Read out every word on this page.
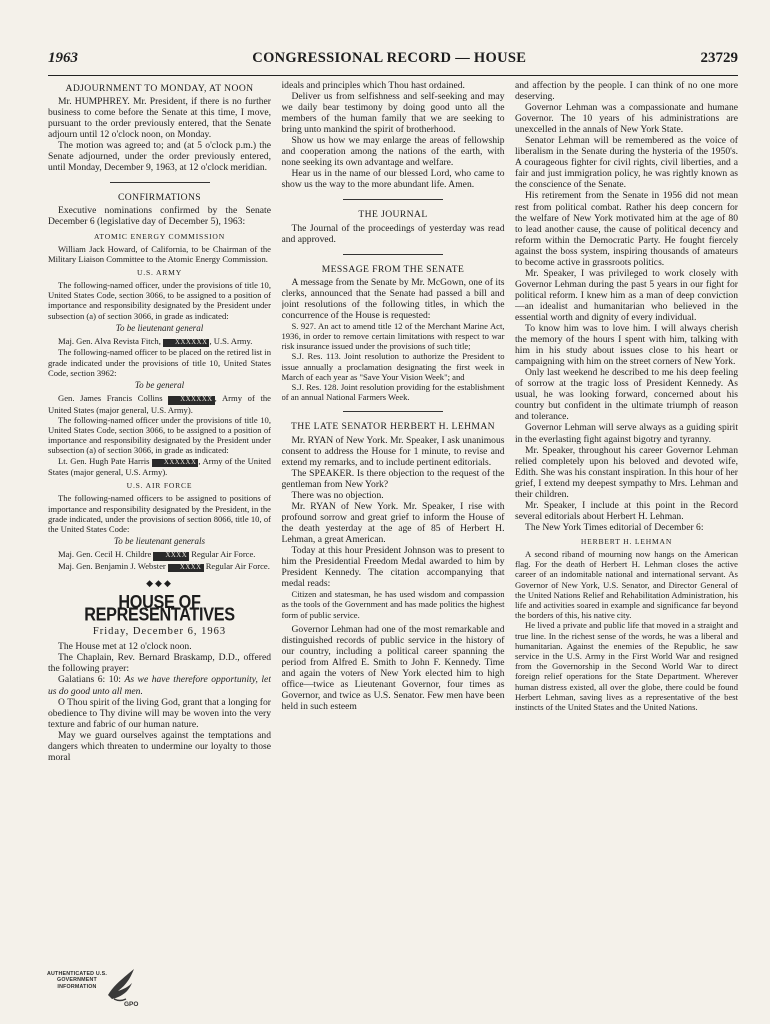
1963	CONGRESSIONAL RECORD — HOUSE	23729
ADJOURNMENT TO MONDAY, AT NOON

Mr. HUMPHREY. Mr. President, if there is no further business to come before the Senate at this time, I move, pursuant to the order previously entered, that the Senate adjourn until 12 o'clock noon, on Monday.

The motion was agreed to; and (at 5 o'clock p.m.) the Senate adjourned, under the order previously entered, until Monday, December 9, 1963, at 12 o'clock meridian.

CONFIRMATIONS

Executive nominations confirmed by the Senate December 6 (legislative day of December 5), 1963:

ATOMIC ENERGY COMMISSION

William Jack Howard, of California, to be Chairman of the Military Liaison Committee to the Atomic Energy Commission.

U.S. ARMY

The following-named officer, under the provisions of title 10, United States Code, section 3066, to be assigned to a position of importance and responsibility designated by the President under subsection (a) of section 3066, in grade as indicated:

To be lieutenant general

Maj. Gen. Alva Revista Fitch, XXXXXX , U.S. Army.

The following-named officer to be placed on the retired list in grade indicated under the provisions of title 10, United States Code, section 3962:

To be general

Gen. James Francis Collins XXXXXX , Army of the United States (major general, U.S. Army).

The following-named officer under the provisions of title 10, United States Code, section 3066, to be assigned to a position of importance and responsibility designated by the President under subsection (a) of section 3066, in grade as indicated:

Lt. Gen. Hugh Pate Harris XXXXXX , Army of the United States (major general, U.S. Army).

U.S. AIR FORCE

The following-named officers to be assigned to positions of importance and responsibility designated by the President, in the grade indicated, under the provisions of section 8066, title 10, of the United States Code:

To be lieutenant generals

Maj. Gen. Cecil H. Childre XXXX Regular Air Force.

Maj. Gen. Benjamin J. Webster XXXX Regular Air Force.

◆◆◆
HOUSE OF REPRESENTATIVES
Friday, December 6, 1963

The House met at 12 o'clock noon.

The Chaplain, Rev. Bernard Braskamp, D.D., offered the following prayer:

Galatians 6: 10: As we have therefore opportunity, let us do good unto all men.

O Thou spirit of the living God, grant that a longing for obedience to Thy divine will may be woven into the very texture and fabric of our human nature.

May we guard ourselves against the temptations and dangers which threaten to undermine our loyalty to those moral

ideals and principles which Thou hast ordained.

Deliver us from selfishness and self-seeking and may we daily bear testimony by doing good unto all the members of the human family that we are seeking to bring unto mankind the spirit of brotherhood.

Show us how we may enlarge the areas of fellowship and cooperation among the nations of the earth, with none seeking its own advantage and welfare.

Hear us in the name of our blessed Lord, who came to show us the way to the more abundant life. Amen.

THE JOURNAL

The Journal of the proceedings of yesterday was read and approved.

MESSAGE FROM THE SENATE

A message from the Senate by Mr. McGown, one of its clerks, announced that the Senate had passed a bill and joint resolutions of the following titles, in which the concurrence of the House is requested:

S. 927. An act to amend title 12 of the Merchant Marine Act, 1936, in order to remove certain limitations with respect to war risk insurance issued under the provisions of such title;

S.J. Res. 113. Joint resolution to authorize the President to issue annually a proclamation designating the first week in March of each year as "Save Your Vision Week"; and

S.J. Res. 128. Joint resolution providing for the establishment of an annual National Farmers Week.

THE LATE SENATOR HERBERT H. LEHMAN

Mr. RYAN of New York. Mr. Speaker, I ask unanimous consent to address the House for 1 minute, to revise and extend my remarks, and to include pertinent editorials.

The SPEAKER. Is there objection to the request of the gentleman from New York?

There was no objection.

Mr. RYAN of New York. Mr. Speaker, I rise with profound sorrow and great grief to inform the House of the death yesterday at the age of 85 of Herbert H. Lehman, a great American.

Today at this hour President Johnson was to present to him the Presidential Freedom Medal awarded to him by President Kennedy. The citation accompanying that medal reads:

Citizen and statesman, he has used wisdom and compassion as the tools of the Government and has made politics the highest form of public service.

Governor Lehman had one of the most remarkable and distinguished records of public service in the history of our country, including a political career spanning the period from Alfred E. Smith to John F. Kennedy. Time and again the voters of New York elected him to high office—twice as Lieutenant Governor, four times as Governor, and twice as U.S. Senator. Few men have been held in such esteem

and affection by the people. I can think of no one more deserving.

Governor Lehman was a compassionate and humane Governor. The 10 years of his administrations are unexcelled in the annals of New York State.

Senator Lehman will be remembered as the voice of liberalism in the Senate during the hysteria of the 1950's. A courageous fighter for civil rights, civil liberties, and a fair and just immigration policy, he was rightly known as the conscience of the Senate.

His retirement from the Senate in 1956 did not mean rest from political combat. Rather his deep concern for the welfare of New York motivated him at the age of 80 to lead another cause, the cause of political decency and reform within the Democratic Party. He fought fiercely against the boss system, inspiring thousands of amateurs to become active in grassroots politics.

Mr. Speaker, I was privileged to work closely with Governor Lehman during the past 5 years in our fight for political reform. I knew him as a man of deep conviction—an idealist and humanitarian who believed in the essential worth and dignity of every individual.

To know him was to love him. I will always cherish the memory of the hours I spent with him, talking with him in his study about issues close to his heart or campaigning with him on the street corners of New York.

Only last weekend he described to me his deep feeling of sorrow at the tragic loss of President Kennedy. As usual, he was looking forward, concerned about his country but confident in the ultimate triumph of reason and tolerance.

Governor Lehman will serve always as a guiding spirit in the everlasting fight against bigotry and tyranny.

Mr. Speaker, throughout his career Governor Lehman relied completely upon his beloved and devoted wife, Edith. She was his constant inspiration. In this hour of her grief, I extend my deepest sympathy to Mrs. Lehman and their children.

Mr. Speaker, I include at this point in the Record several editorials about Herbert H. Lehman.

The New York Times editorial of December 6:

HERBERT H. LEHMAN

A second riband of mourning now hangs on the American flag. For the death of Herbert H. Lehman closes the active career of an indomitable national and international servant. As Governor of New York, U.S. Senator, and Director General of the United Nations Relief and Rehabilitation Administration, his life and activities soared in example and significance far beyond the borders of this, his native city.

He lived a private and public life that moved in a straight and true line. In the richest sense of the words, he was a liberal and humanitarian. Against the enemies of the Republic, he saw service in the U.S. Army in the First World War and resigned from the Governorship in the Second World War to direct foreign relief operations for the State Department. Wherever human distress existed, all over the globe, there could be found Herbert Lehman, saving lives as a representative of the best instincts of the United States and the United Nations.

AUTHENTICATED U.S. GOVERNMENT INFORMATION
GPO
